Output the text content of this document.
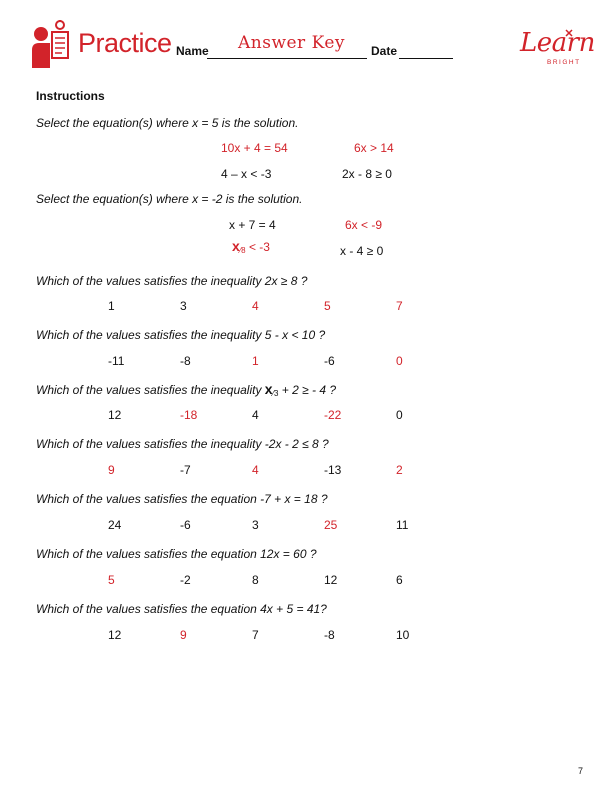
Practice Name Answer Key Date	Learn
BRIGHT
Instructions
Select the equation(s) where x = 5 is the solution.
10x + 4 = 54	6x > 14
4 – x < -3	2x - 8 ≥ 0
Select the equation(s) where x = -2 is the solution.
x + 7 = 4	6x < -9
x⁄8 < -3	x - 4 ≥ 0
Which of the values satisfies the inequality 2x ≥ 8 ?
1	3	4	5	7
Which of the values satisfies the inequality 5 - x < 10 ?
-11	-8	1	-6	0
Which of the values satisfies the inequality x⁄3 + 2 ≥ - 4 ?
12	-18	4	-22	0
Which of the values satisfies the inequality -2x - 2 ≤ 8 ?
9	-7	4	-13	2
Which of the values satisfies the equation -7 + x = 18 ?
24	-6	3	25	11
Which of the values satisfies the equation 12x = 60 ?
5	-2	8	12	6
Which of the values satisfies the equation 4x + 5 = 41?
12	9	7	-8	10
7
